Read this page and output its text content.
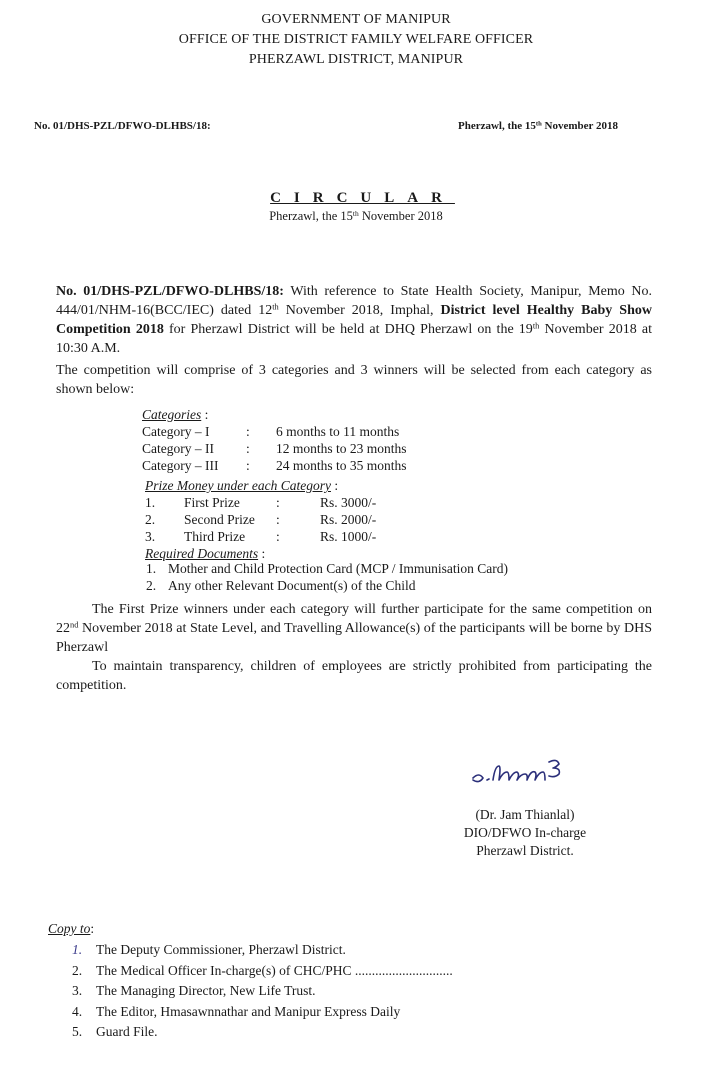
GOVERNMENT OF MANIPUR
OFFICE OF THE DISTRICT FAMILY WELFARE OFFICER
PHERZAWL DISTRICT, MANIPUR
No. 01/DHS-PZL/DFWO-DLHBS/18:	Pherzawl, the 15th November 2018
CIRCULAR
Pherzawl, the 15th November 2018
No. 01/DHS-PZL/DFWO-DLHBS/18: With reference to State Health Society, Manipur, Memo No. 444/01/NHM-16(BCC/IEC) dated 12th November 2018, Imphal, District level Healthy Baby Show Competition 2018 for Pherzawl District will be held at DHQ Pherzawl on the 19th November 2018 at 10:30 A.M.
The competition will comprise of 3 categories and 3 winners will be selected from each category as shown below:
Categories :
Category – I	:	6 months to 11 months
Category – II	:	12 months to 23 months
Category – III	:	24 months to 35 months
Prize Money under each Category :
1.	First Prize	:	Rs. 3000/-
2.	Second Prize	:	Rs. 2000/-
3.	Third Prize	:	Rs. 1000/-
Required Documents :
1.	Mother and Child Protection Card (MCP / Immunisation Card)
2.	Any other Relevant Document(s) of the Child
The First Prize winners under each category will further participate for the same competition on 22nd November 2018 at State Level, and Travelling Allowance(s) of the participants will be borne by DHS Pherzawl
To maintain transparency, children of employees are strictly prohibited from participating the competition.
(Dr. Jam Thianlal)
DIO/DFWO In-charge
Pherzawl District.
Copy to:
1. The Deputy Commissioner, Pherzawl District.
2. The Medical Officer In-charge(s) of CHC/PHC .............................
3. The Managing Director, New Life Trust.
4. The Editor, Hmasawnnathar and Manipur Express Daily
5. Guard File.
